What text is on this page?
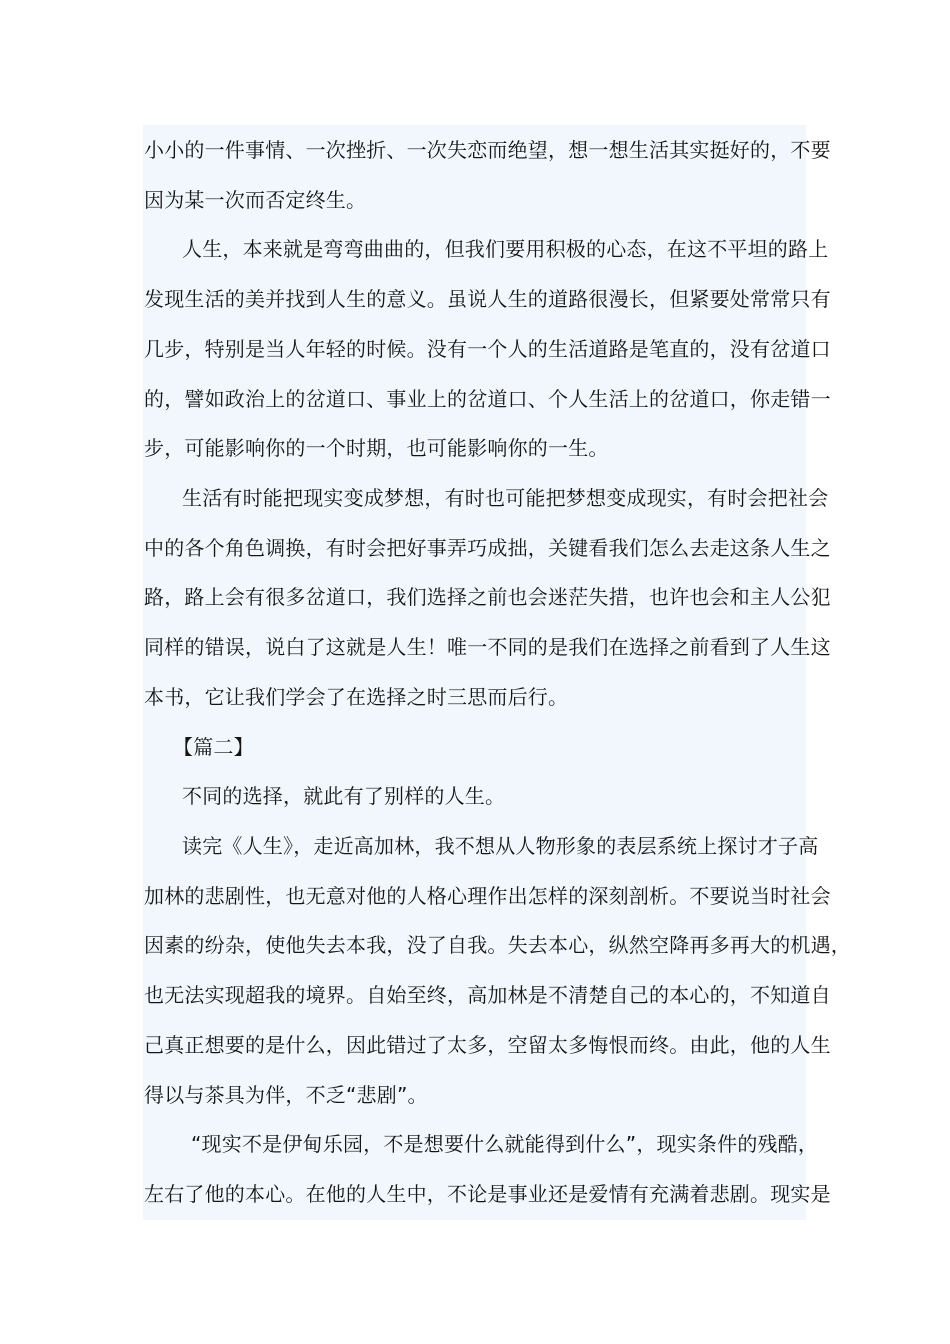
小小的一件事情、一次挫折、一次失恋而绝望，想一想生活其实挺好的，不要
因为某一次而否定终生。
人生，本来就是弯弯曲曲的，但我们要用积极的心态，在这不平坦的路上
发现生活的美并找到人生的意义。虽说人生的道路很漫长，但紧要处常常只有
几步，特别是当人年轻的时候。没有一个人的生活道路是笔直的，没有岔道口
的，譬如政治上的岔道口、事业上的岔道口、个人生活上的岔道口，你走错一
步，可能影响你的一个时期，也可能影响你的一生。
生活有时能把现实变成梦想，有时也可能把梦想变成现实，有时会把社会
中的各个角色调换，有时会把好事弄巧成拙，关键看我们怎么去走这条人生之
路，路上会有很多岔道口，我们选择之前也会迷茫失措，也许也会和主人公犯
同样的错误，说白了这就是人生！唯一不同的是我们在选择之前看到了人生这
本书，它让我们学会了在选择之时三思而后行。
【篇二】
不同的选择，就此有了别样的人生。
读完《人生》，走近高加林，我不想从人物形象的表层系统上探讨才子高
加林的悲剧性，也无意对他的人格心理作出怎样的深刻剖析。不要说当时社会
因素的纷杂，使他失去本我，没了自我。失去本心，纵然空降再多再大的机遇，
也无法实现超我的境界。自始至终，高加林是不清楚自己的本心的，不知道自
己真正想要的是什么，因此错过了太多，空留太多悔恨而终。由此，他的人生
得以与茶具为伴，不乏“悲剧”。
“现实不是伊甸乐园，不是想要什么就能得到什么”，现实条件的残酷，
左右了他的本心。在他的人生中，不论是事业还是爱情有充满着悲剧。现实是
